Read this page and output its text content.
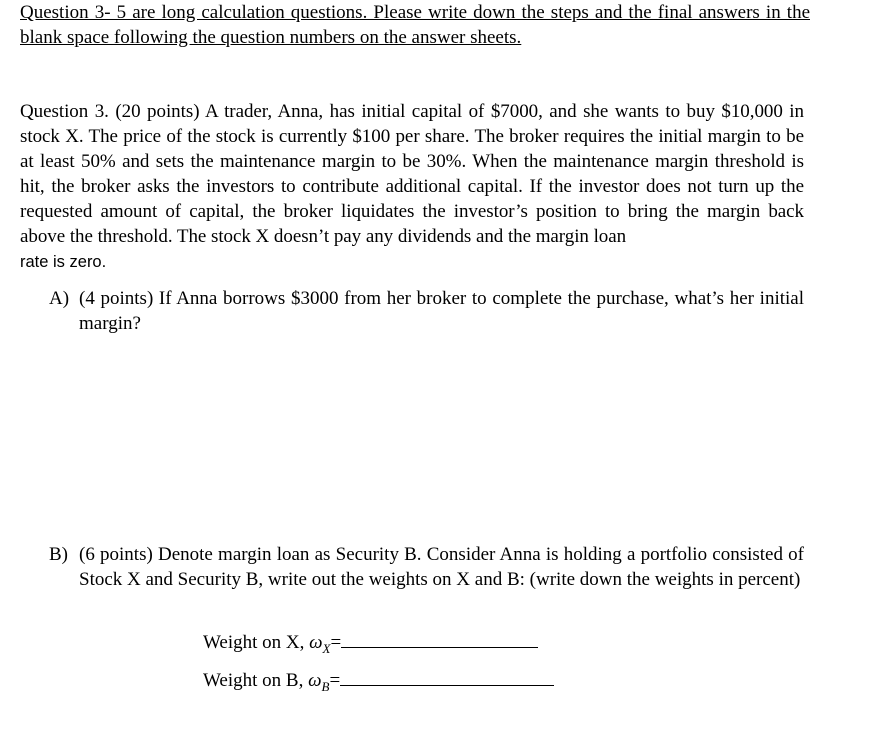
Question 3- 5 are long calculation questions. Please write down the steps and the final answers in the blank space following the question numbers on the answer sheets.
Question 3. (20 points) A trader, Anna, has initial capital of $7000, and she wants to buy $10,000 in stock X. The price of the stock is currently $100 per share. The broker requires the initial margin to be at least 50% and sets the maintenance margin to be 30%. When the maintenance margin threshold is hit, the broker asks the investors to contribute additional capital. If the investor does not turn up the requested amount of capital, the broker liquidates the investor’s position to bring the margin back above the threshold. The stock X doesn’t pay any dividends and the margin loan
rate is zero.
A) (4 points) If Anna borrows $3000 from her broker to complete the purchase, what’s her initial margin?
B) (6 points) Denote margin loan as Security B. Consider Anna is holding a portfolio consisted of Stock X and Security B, write out the weights on X and B: (write down the weights in percent)
Weight on X, $\omega_X=$
Weight on B, $\omega_B=$
